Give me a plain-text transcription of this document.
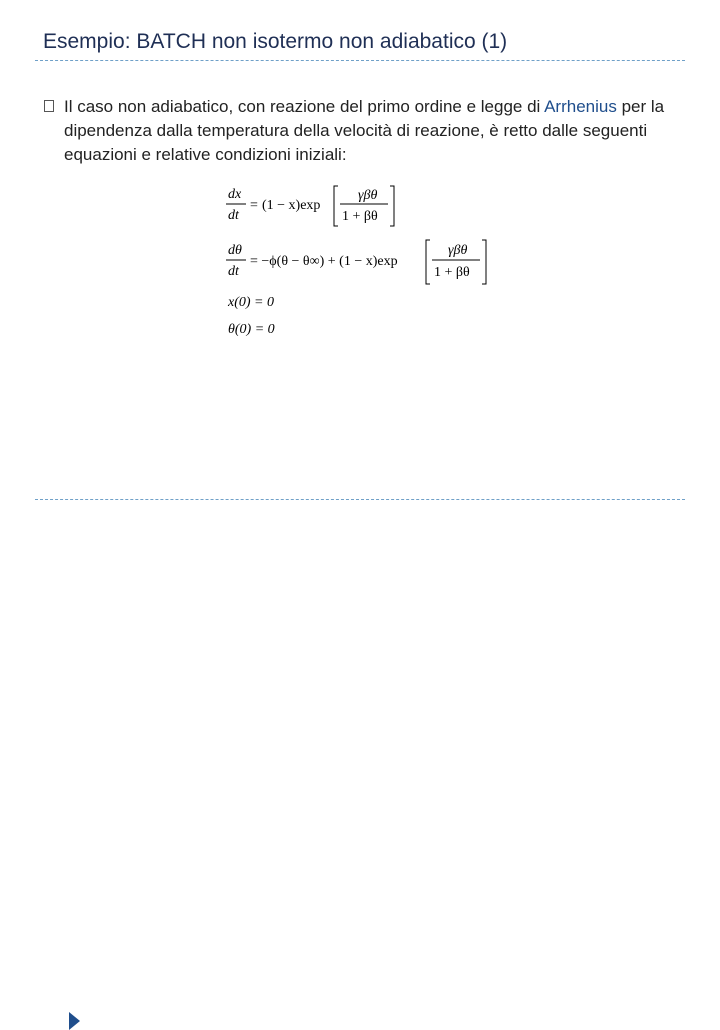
Esempio: BATCH non isotermo non adiabatico (1)
Il caso non adiabatico, con reazione del primo ordine e legge di Arrhenius per la dipendenza dalla temperatura della velocità di reazione, è retto dalle seguenti equazioni e relative condizioni iniziali:
dx
dt
= (1 − x)exp
γβθ
1 + βθ
dθ
dt
= −ϕ(θ − θ∞) + (1 − x)exp
γβθ
1 + βθ
x(0) = 0
θ(0) = 0
